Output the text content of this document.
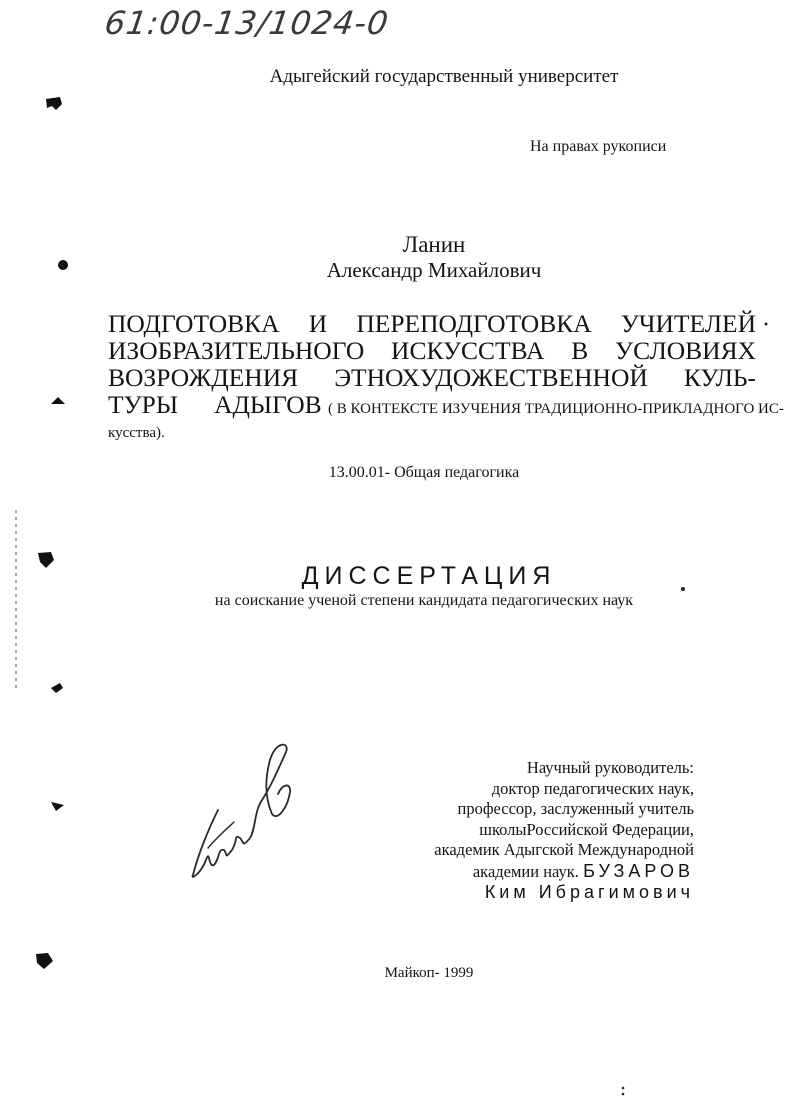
61:00-13/1024-0
Адыгейский государственный университет
На правах рукописи
Ланин
Александр Михайлович
ПОДГОТОВКА И ПЕРЕПОДГОТОВКА УЧИТЕЛЕЙ
ИЗОБРАЗИТЕЛЬНОГО ИСКУССТВА В УСЛОВИЯХ
ВОЗРОЖДЕНИЯ ЭТНОХУДОЖЕСТВЕННОЙ КУЛЬ-
ТУРЫ АДЫГОВ ( В КОНТЕКСТЕ ИЗУЧЕНИЯ ТРАДИЦИОННО-ПРИКЛАДНОГО ИС-
кусства).
13.00.01- Общая педагогика
ДИССЕРТАЦИЯ
на соискание ученой степени кандидата педагогических наук
Научный руководитель:
доктор педагогических наук,
профессор, заслуженный учитель
школыРоссийской Федерации,
академик Адыгской Международной
академии наук. БУЗАРОВ
Ким Ибрагимович
Майкоп- 1999
